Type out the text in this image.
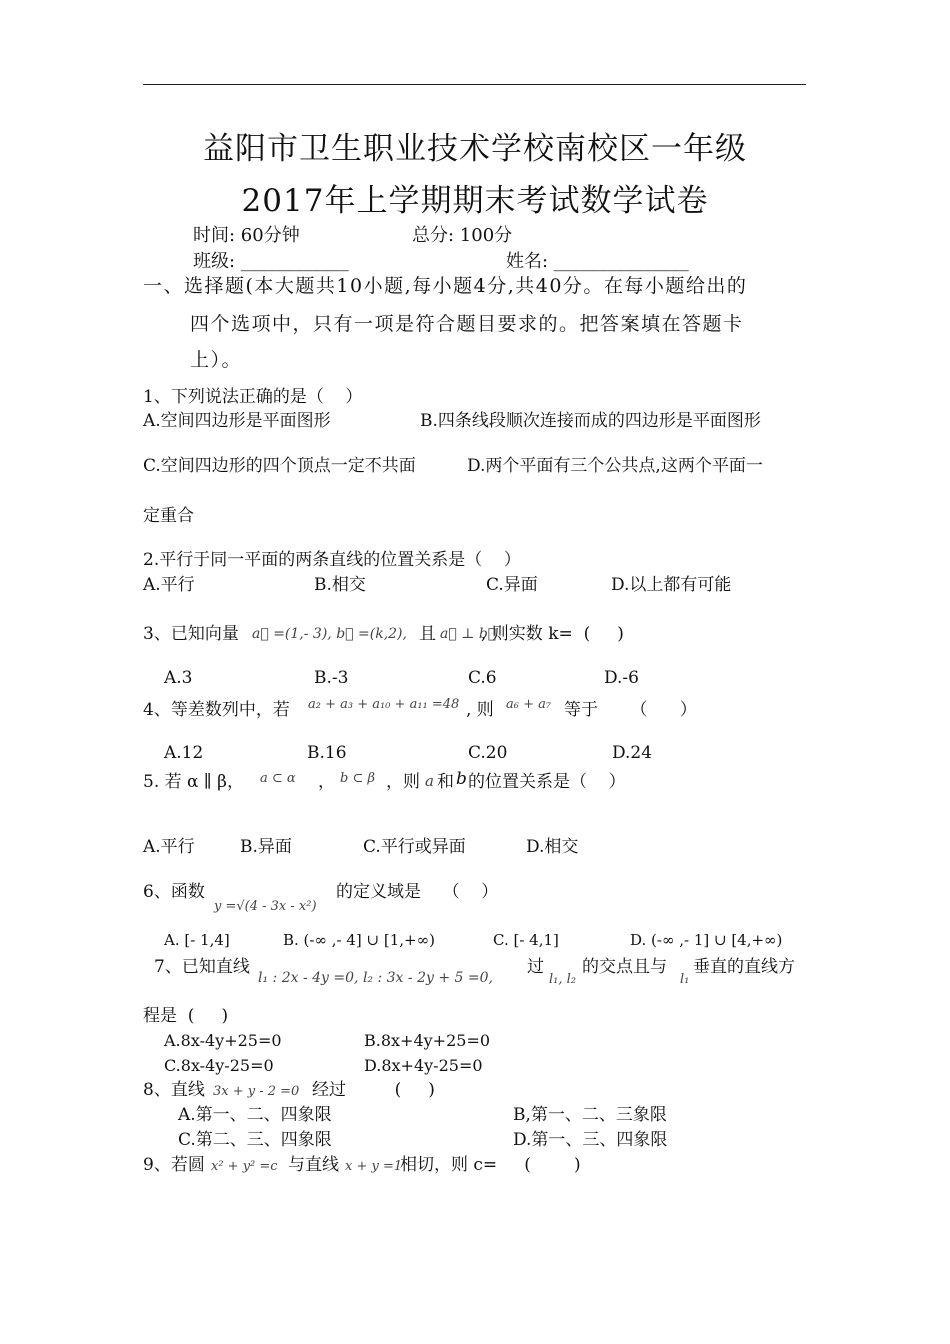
益阳市卫生职业技术学校南校区一年级
2017年上学期期末考试数学试卷
时间: 60分钟	总分: 100分
班级: ____________	姓名: _______________
一、选择题(本大题共10小题,每小题4分,共40分。在每小题给出的
四个选项中，只有一项是符合题目要求的。把答案填在答题卡
上）。
1、下列说法正确的是（    ）
A.空间四边形是平面图形	B.四条线段顺次连接而成的四边形是平面图形
C.空间四边形的四个顶点一定不共面	D.两个平面有三个公共点,这两个平面一
定重合
2.平行于同一平面的两条直线的位置关系是（    ）
A.平行	B.相交	C.异面	D.以上都有可能
3、已知向量 a⃗ =(1,- 3), b⃗ =(k,2), 且 a⃗ ⊥ b⃗
, 则实数 k=  (     )
A.3	B.-3	C.6	D.-6
4、等差数列中，若 a₂ + a₃ + a₁₀ + a₁₁ =48 , 则 a₆ + a₇ 等于      （      ）
A.12	B.16	C.20	D.24
5. 若 α ∥ β， a ⊂ α ， b ⊂ β ，则 a 和 b 的位置关系是（    ）
A.平行	B.异面	C.平行或异面	D.相交
6、函数
y =√(4 - 3x - x²)
的定义域是    （    ）
A. [- 1,4]	B. (-∞ ,- 4] ∪ [1,+∞)	C. [- 4,1]	D. (-∞ ,- 1] ∪ [4,+∞)
7、已知直线
l₁ : 2x - 4y =0, l₂ : 3x - 2y + 5 =0,
过
l₁, l₂
的交点且与
l₁
垂直的直线方
程是  (     )
A.8x-4y+25=0	B.8x+4y+25=0
C.8x-4y-25=0	D.8x+4y-25=0
8、直线 3x + y - 2 =0 经过         (     )
A.第一、二、四象限	B,第一、二、三象限
C.第二、三、四象限	D.第一、三、四象限
9、若圆 x² + y² =c 与直线 x + y =1
相切，则 c=     (        )
